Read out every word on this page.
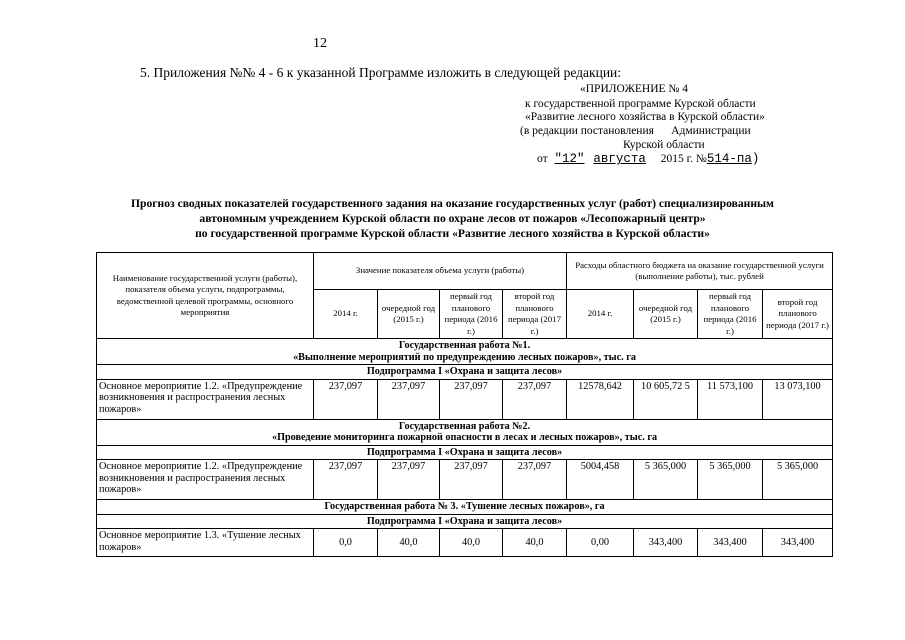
12
5. Приложения №№ 4 - 6 к указанной Программе изложить в следующей редакции:
«ПРИЛОЖЕНИЕ № 4
к государственной программе Курской области
«Развитие лесного хозяйства в Курской области»
(в редакции постановления      Администрации
Курской области
от "12" августа 2015 г. №514-па)
Прогноз сводных показателей государственного задания на оказание государственных услуг (работ) специализированным
автономным учреждением Курской области по охране лесов от пожаров «Лесопожарный центр»
по государственной программе Курской области «Развитие лесного хозяйства в Курской области»
Наименование государственной услуги (работы), показателя объема услуги, подпрограммы, ведомственной целевой программы, основного мероприятия	Значение показателя объема услуги (работы)				Расходы областного бюджета на оказание государственной услуги (выполнение работы), тыс. рублей			
	2014 г.	очередной год (2015 г.)	первый год планового периода (2016 г.)	второй год планового периода (2017 г.)	2014 г.	очередной год (2015 г.)	первый год планового периода (2016 г.)	второй год планового периода (2017 г.)

Государственная работа №1.
«Выполнение мероприятий по предупреждению лесных пожаров», тыс. га								

Подпрограмма I «Охрана и защита лесов»								
Основное мероприятие 1.2. «Предупреждение возникновения и распространения лесных пожаров»	237,097	237,097	237,097	237,097	12578,642	10 605,72 5	11 573,100	13 073,100

Государственная работа №2.
«Проведение мониторинга пожарной опасности в лесах и лесных пожаров», тыс. га								

Подпрограмма I «Охрана и защита лесов»								
Основное мероприятие 1.2. «Предупреждение возникновения и распространения лесных пожаров»	237,097	237,097	237,097	237,097	5004,458	5 365,000	5 365,000	5 365,000
Государственная работа № 3. «Тушение лесных пожаров», га								
Подпрограмма I «Охрана и защита лесов»								
Основное мероприятие 1.3. «Тушение лесных пожаров»	0,0	40,0	40,0	40,0	0,00	343,400	343,400	343,400
